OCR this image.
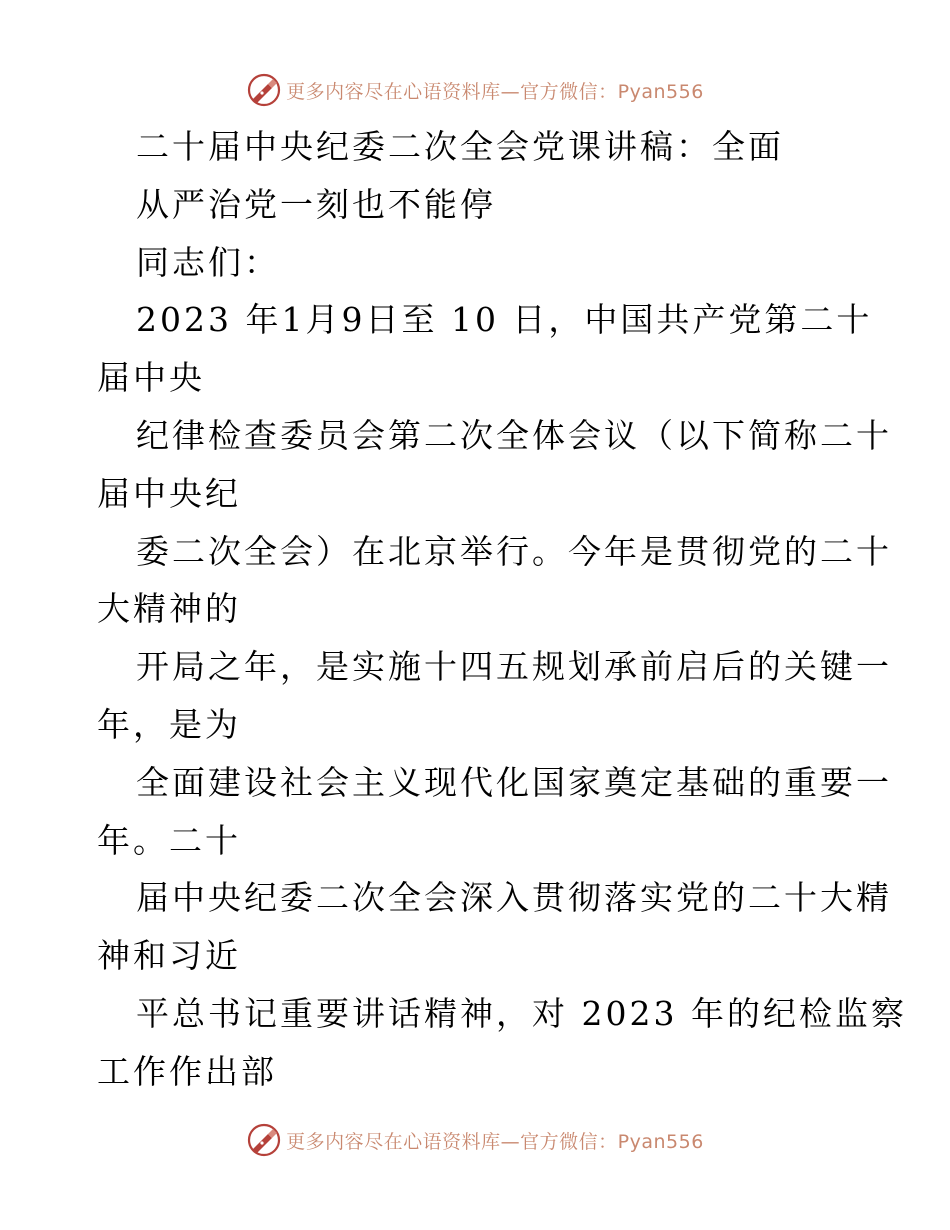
更多内容尽在心语资料库—官方微信：Pyan556
二十届中央纪委二次全会党课讲稿：全面
从严治党一刻也不能停
同志们：
2023 年1月9日至 10 日，中国共产党第二十
届中央
纪律检查委员会第二次全体会议（以下简称二十
届中央纪
委二次全会）在北京举行。今年是贯彻党的二十
大精神的
开局之年，是实施十四五规划承前启后的关键一
年，是为
全面建设社会主义现代化国家奠定基础的重要一
年。二十
届中央纪委二次全会深入贯彻落实党的二十大精
神和习近
平总书记重要讲话精神，对 2023 年的纪检监察
工作作出部
更多内容尽在心语资料库—官方微信：Pyan556
